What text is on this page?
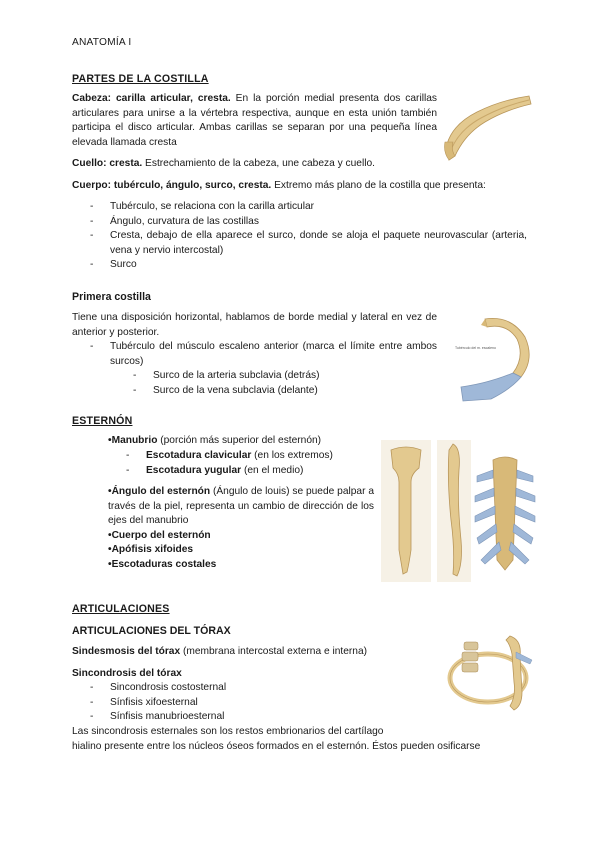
ANATOMÍA I
PARTES DE LA COSTILLA
Cabeza: carilla articular, cresta. En la porción medial presenta dos carillas articulares para unirse a la vértebra respectiva, aunque en esta unión también participa el disco articular. Ambas carillas se separan por una pequeña línea elevada llamada cresta
Cuello: cresta. Estrechamiento de la cabeza, une cabeza y cuello.
Cuerpo: tubérculo, ángulo, surco, cresta. Extremo más plano de la costilla que presenta:
- Tubérculo, se relaciona con la carilla articular
- Ángulo, curvatura de las costillas
- Cresta, debajo de ella aparece el surco, donde se aloja el paquete neurovascular (arteria, vena y nervio intercostal)
- Surco
Primera costilla
Tiene una disposición horizontal, hablamos de borde medial y lateral en vez de anterior y posterior.
- Tubérculo del músculo escaleno anterior (marca el límite entre ambos surcos)
- Surco de la arteria subclavia (detrás)
- Surco de la vena subclavia (delante)
Tubérculo del m. escaleno
ESTERNÓN
• Manubrio (porción más superior del esternón)
- Escotadura clavicular (en los extremos)
- Escotadura yugular (en el medio)
• Ángulo del esternón (Ángulo de louis) se puede palpar a través de la piel, representa un cambio de dirección de los ejes del manubrio
• Cuerpo del esternón
• Apófisis xifoides
• Escotaduras costales
ARTICULACIONES
ARTICULACIONES DEL TÓRAX
Sindesmosis del tórax (membrana intercostal externa e interna)
Sincondrosis del tórax
- Sincondrosis costosternal
- Sínfisis xifoesternal
- Sínfisis manubrioesternal
Las sincondrosis esternales son los restos embrionarios del cartílago
hialino presente entre los núcleos óseos formados en el esternón. Éstos pueden osificarse
